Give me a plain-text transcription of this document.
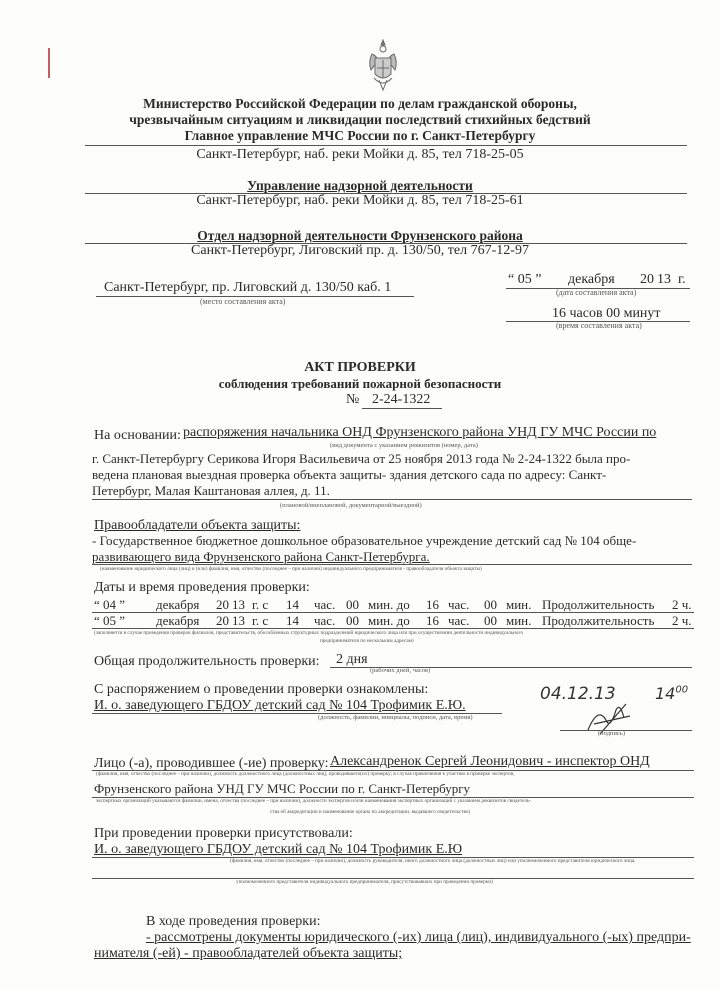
Министерство Российской Федерации по делам гражданской обороны,
чрезвычайным ситуациям и ликвидации последствий стихийных бедствий
Главное управление МЧС России по г. Санкт-Петербургу
Санкт-Петербург, наб. реки Мойки д. 85, тел 718-25-05
Управление надзорной деятельности
Санкт-Петербург, наб. реки Мойки д. 85, тел 718-25-61
Отдел надзорной деятельности Фрунзенского района
Санкт-Петербург, Лиговский пр. д. 130/50, тел 767-12-97
Санкт-Петербург, пр. Лиговский д. 130/50 каб. 1
(место составления акта)
“ 05 ” декабря 20 13 г.
(дата составления акта)
16 часов 00 минут
(время составления акта)
АКТ ПРОВЕРКИ
соблюдения требований пожарной безопасности
№ 2-24-1322
На основании: распоряжения начальника ОНД Фрунзенского района УНД ГУ МЧС России по
(вид документа с указанием реквизитов (номер, дата)
г. Санкт-Петербургу Серикова Игоря Васильевича от 25 ноября 2013 года № 2-24-1322 была про-
ведена плановая выездная проверка объекта защиты- здания детского сада по адресу: Санкт-
Петербург, Малая Каштановая аллея, д. 11.
(плановой/внеплановой, документарной/выездной)
Правообладатели объекта защиты:
- Государственное бюджетное дошкольное образовательное учреждение детский сад № 104 обще-
развивающего вида Фрунзенского района Санкт-Петербурга.
(наименование юридического лица (лиц) и (или) фамилия, имя, отчество (последнее – при наличии) индивидуального предпринимателя - правообладателя объекта защиты)
Даты и время проведения проверки:
“ 04 ” декабря 20 13 г. с 14 час. 00 мин. до 16 час. 00 мин. Продолжительность 2 ч.
“ 05 ” декабря 20 13 г. с 14 час. 00 мин. до 16 час. 00 мин. Продолжительность 2 ч.
(заполняется в случае проведения проверок филиалов, представительств, обособленных структурных подразделений юридического лица или при осуществлении деятельности индивидуального
предпринимателя по нескольким адресам)
Общая продолжительность проверки: 2 дня
(рабочих дней, часов)
С распоряжением о проведении проверки ознакомлены:
И. о. заведующего ГБДОУ детский сад № 104 Трофимик Е.Ю.
(должность, фамилии, инициалы, подписи, дата, время)
04.12.13 $14^{00}$
(подпись)
Лицо (-а), проводившее (-ие) проверку: Александренок Сергей Леонидович - инспектор ОНД
(фамилия, имя, отчество (последнее – при наличии), должность должностного лица (должностных лиц), проводившего(их) проверку; в случае привлечения к участию в проверке экспертов,
Фрунзенского района УНД ГУ МЧС России по г. Санкт-Петербургу
экспертных организаций указываются фамилии, имена, отчества (последнее – при наличии), должности экспертов и/или наименования экспертных организаций с указанием реквизитов свидетель-
ства об аккредитации и наименование органа по аккредитации, выдавшего свидетельство)
При проведении проверки присутствовали:
И. о. заведующего ГБДОУ детский сад № 104 Трофимик Е.Ю
(фамилия, имя, отчество (последнее – при наличии), должность руководителя, иного должностного лица (должностных лиц) или уполномоченного представителя юридического лица,
уполномоченного представителя индивидуального предпринимателя, присутствовавших при проведении проверки)
В ходе проведения проверки:
- рассмотрены документы юридического (-их) лица (лиц), индивидуального (-ых) предпри-
нимателя (-ей) - правообладателей объекта защиты;
